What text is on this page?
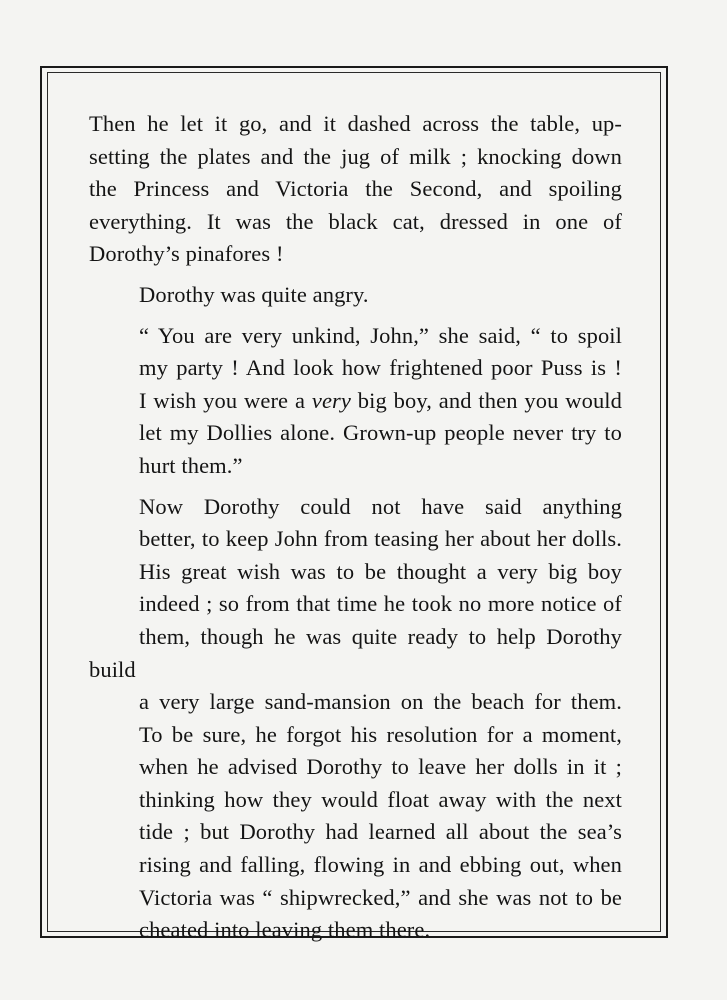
Then he let it go, and it dashed across the table, up-
setting the plates and the jug of milk ; knocking down
the Princess and Victoria the Second, and spoiling
everything. It was the black cat, dressed in one of
Dorothy’s pinafores !

Dorothy was quite angry.

“ You are very unkind, John,” she said, “ to spoil
my party ! And look how frightened poor Puss is !
I wish you were a very big boy, and then you would
let my Dollies alone. Grown-up people never try to
hurt them.”

Now Dorothy could not have said anything
better, to keep John from teasing her about her dolls.
His great wish was to be thought a very big boy
indeed ; so from that time he took no more notice of
them, though he was quite ready to help Dorothy build
a very large sand-mansion on the beach for them.
To be sure, he forgot his resolution for a moment,
when he advised Dorothy to leave her dolls in it ;
thinking how they would float away with the next
tide ; but Dorothy had learned all about the sea’s
rising and falling, flowing in and ebbing out, when
Victoria was “ shipwrecked,” and she was not to be
cheated into leaving them there.
